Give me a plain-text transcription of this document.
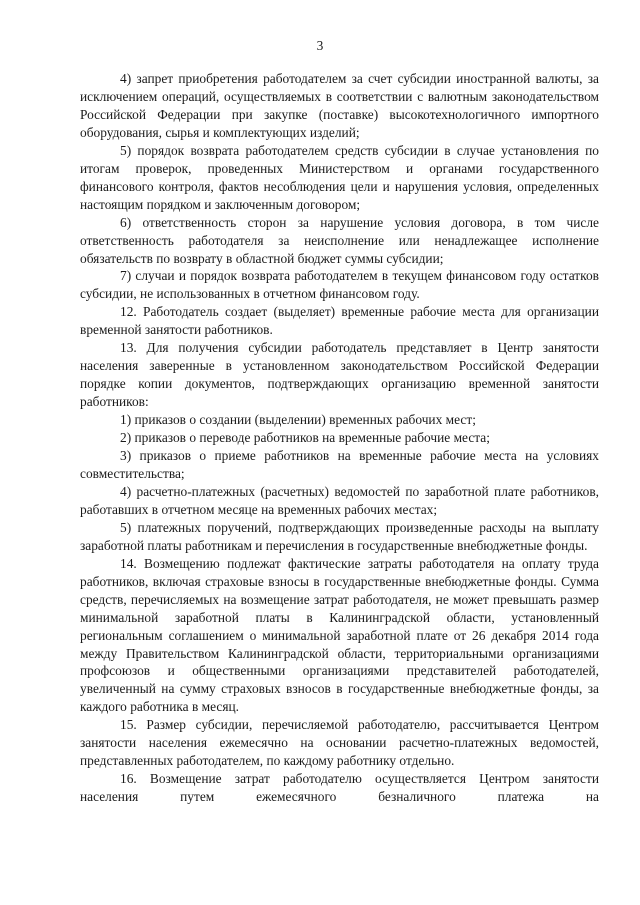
3

4) запрет приобретения работодателем за счет субсидии иностранной валюты, за исключением операций, осуществляемых в соответствии с валютным законодательством Российской Федерации при закупке (поставке) высокотехнологичного импортного оборудования, сырья и комплектующих изделий;

5) порядок возврата работодателем средств субсидии в случае установления по итогам проверок, проведенных Министерством и органами государственного финансового контроля, фактов несоблюдения цели и нарушения условия, определенных настоящим порядком и заключенным договором;

6) ответственность сторон за нарушение условия договора, в том числе ответственность работодателя за неисполнение или ненадлежащее исполнение обязательств по возврату в областной бюджет суммы субсидии;

7) случаи и порядок возврата работодателем в текущем финансовом году остатков субсидии, не использованных в отчетном финансовом году.

12. Работодатель создает (выделяет) временные рабочие места для организации временной занятости работников.

13. Для получения субсидии работодатель представляет в Центр занятости населения заверенные в установленном законодательством Российской Федерации порядке копии документов, подтверждающих организацию временной занятости работников:

1) приказов о создании (выделении) временных рабочих мест;

2) приказов о переводе работников на временные рабочие места;

3) приказов о приеме работников на временные рабочие места на условиях совместительства;

4) расчетно-платежных (расчетных) ведомостей по заработной плате работников, работавших в отчетном месяце на временных рабочих местах;

5) платежных поручений, подтверждающих произведенные расходы на выплату заработной платы работникам и перечисления в государственные внебюджетные фонды.

14. Возмещению подлежат фактические затраты работодателя на оплату труда работников, включая страховые взносы в государственные внебюджетные фонды. Сумма средств, перечисляемых на возмещение затрат работодателя, не может превышать размер минимальной заработной платы в Калининградской области, установленный региональным соглашением о минимальной заработной плате от 26 декабря 2014 года между Правительством Калининградской области, территориальными организациями профсоюзов и общественными организациями представителей работодателей, увеличенный на сумму страховых взносов в государственные внебюджетные фонды, за каждого работника в месяц.

15. Размер субсидии, перечисляемой работодателю, рассчитывается Центром занятости населения ежемесячно на основании расчетно-платежных ведомостей, представленных работодателем, по каждому работнику отдельно.

16. Возмещение затрат работодателю осуществляется Центром занятости населения путем ежемесячного безналичного платежа на
